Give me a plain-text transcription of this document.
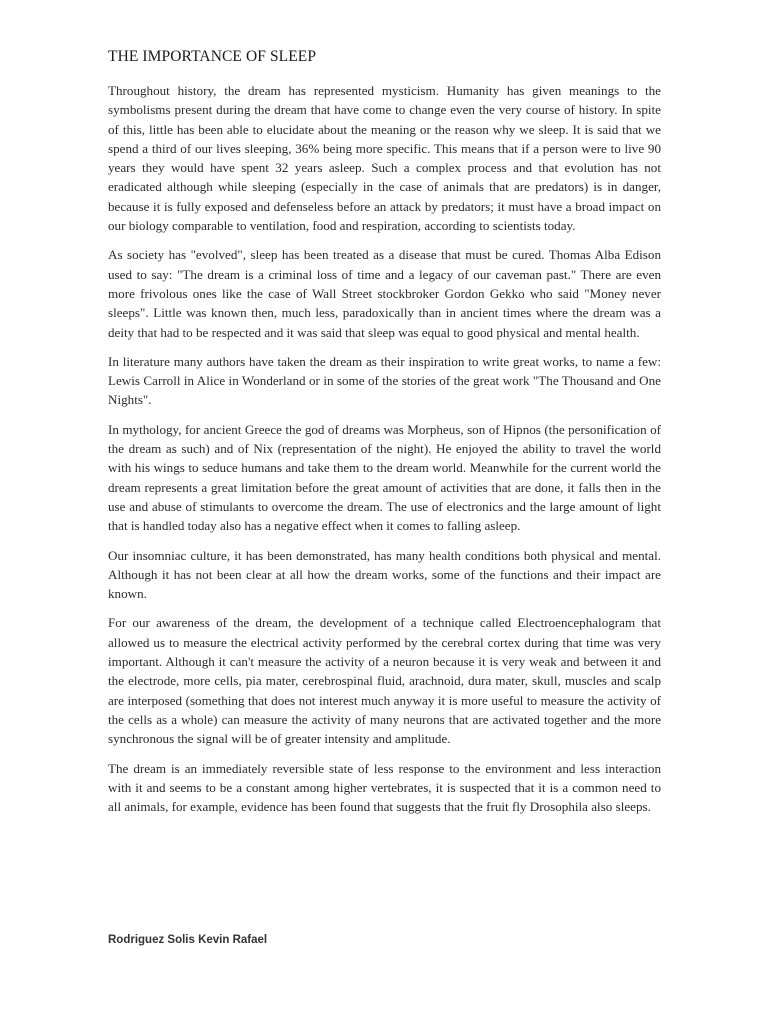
THE IMPORTANCE OF SLEEP

Throughout history, the dream has represented mysticism. Humanity has given meanings to the symbolisms present during the dream that have come to change even the very course of history. In spite of this, little has been able to elucidate about the meaning or the reason why we sleep. It is said that we spend a third of our lives sleeping, 36% being more specific. This means that if a person were to live 90 years they would have spent 32 years asleep. Such a complex process and that evolution has not eradicated although while sleeping (especially in the case of animals that are predators) is in danger, because it is fully exposed and defenseless before an attack by predators; it must have a broad impact on our biology comparable to ventilation, food and respiration, according to scientists today.

As society has "evolved", sleep has been treated as a disease that must be cured. Thomas Alba Edison used to say: "The dream is a criminal loss of time and a legacy of our caveman past." There are even more frivolous ones like the case of Wall Street stockbroker Gordon Gekko who said "Money never sleeps". Little was known then, much less, paradoxically than in ancient times where the dream was a deity that had to be respected and it was said that sleep was equal to good physical and mental health.

In literature many authors have taken the dream as their inspiration to write great works, to name a few: Lewis Carroll in Alice in Wonderland or in some of the stories of the great work "The Thousand and One Nights".

In mythology, for ancient Greece the god of dreams was Morpheus, son of Hipnos (the personification of the dream as such) and of Nix (representation of the night). He enjoyed the ability to travel the world with his wings to seduce humans and take them to the dream world. Meanwhile for the current world the dream represents a great limitation before the great amount of activities that are done, it falls then in the use and abuse of stimulants to overcome the dream. The use of electronics and the large amount of light that is handled today also has a negative effect when it comes to falling asleep.

Our insomniac culture, it has been demonstrated, has many health conditions both physical and mental. Although it has not been clear at all how the dream works, some of the functions and their impact are known.

For our awareness of the dream, the development of a technique called Electroencephalogram that allowed us to measure the electrical activity performed by the cerebral cortex during that time was very important. Although it can't measure the activity of a neuron because it is very weak and between it and the electrode, more cells, pia mater, cerebrospinal fluid, arachnoid, dura mater, skull, muscles and scalp are interposed (something that does not interest much anyway it is more useful to measure the activity of the cells as a whole) can measure the activity of many neurons that are activated together and the more synchronous the signal will be of greater intensity and amplitude.

The dream is an immediately reversible state of less response to the environment and less interaction with it and seems to be a constant among higher vertebrates, it is suspected that it is a common need to all animals, for example, evidence has been found that suggests that the fruit fly Drosophila also sleeps.

Rodriguez Solis Kevin Rafael
